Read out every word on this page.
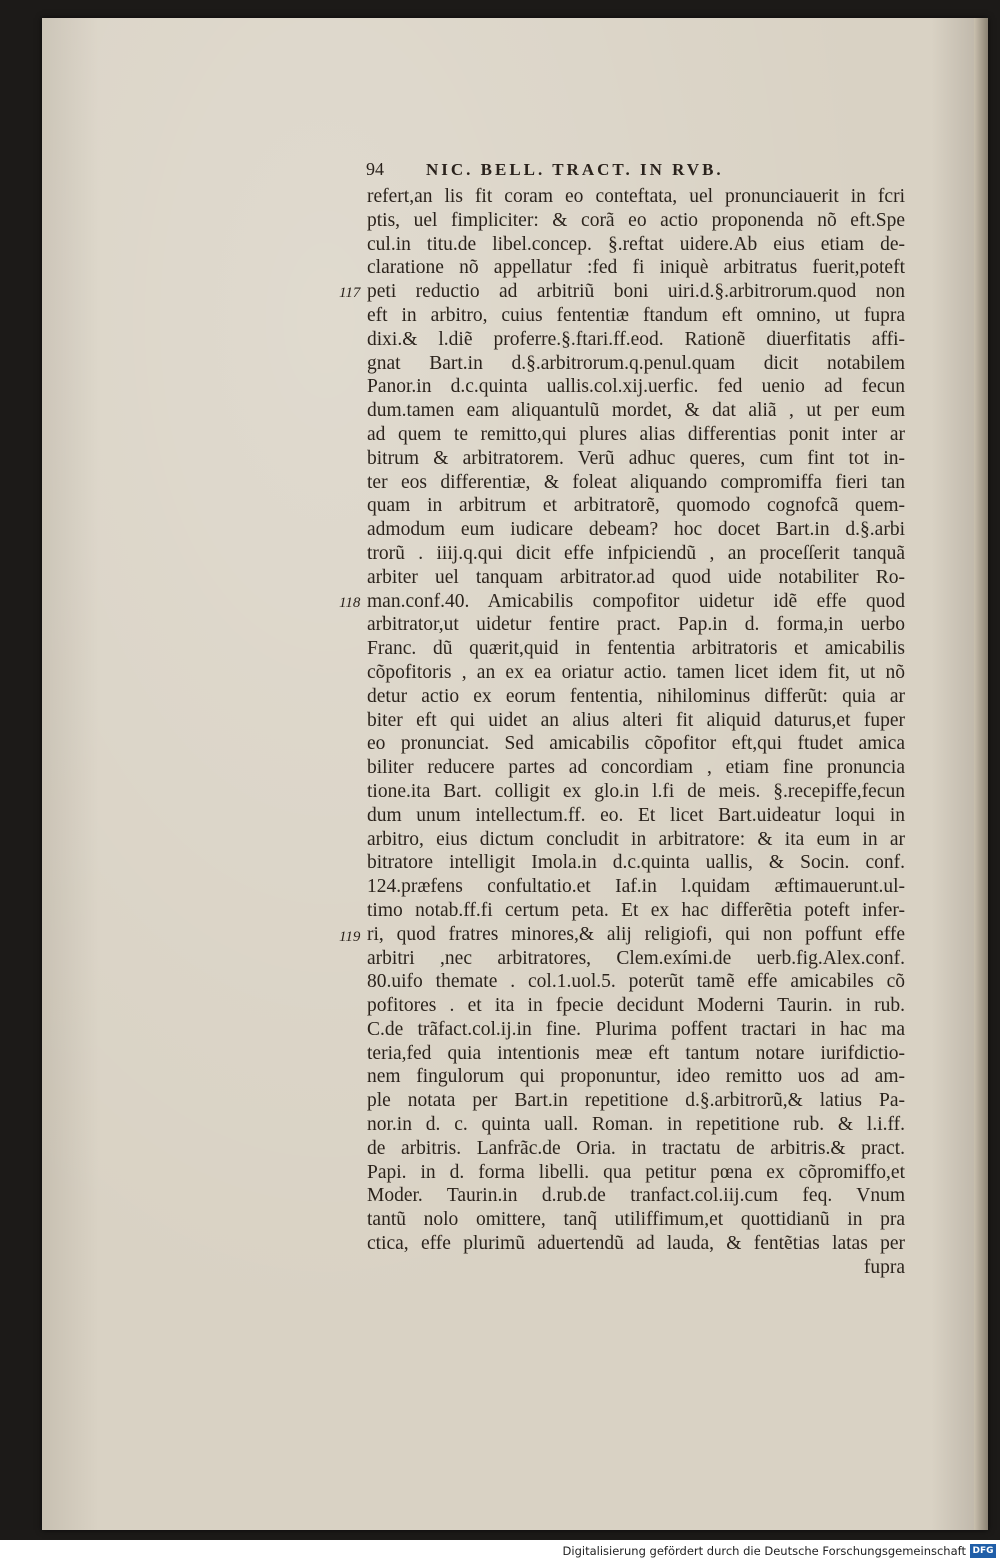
94	NIC. BELL. TRACT. IN RVB.
117
118
119
refert,an lis fit coram eo conteftata, uel pronunciauerit in fcri
ptis, uel fimpliciter: & corã eo actio proponenda nõ eft.Spe
cul.in titu.de libel.concep. §.reftat uidere.Ab eius etiam de-
claratione nõ appellatur :fed fi iniquè arbitratus fuerit,poteft
peti reductio ad arbitriũ boni uiri.d.§.arbitrorum.quod non
eft in arbitro, cuius fententiæ ftandum eft omnino, ut fupra
dixi.& l.diẽ proferre.§.ftari.ff.eod. Rationẽ diuerfitatis affi-
gnat Bart.in d.§.arbitrorum.q.penul.quam dicit notabilem
Panor.in d.c.quinta uallis.col.xij.uerfic. fed uenio ad fecun
dum.tamen eam aliquantulũ mordet, & dat aliã , ut per eum
ad quem te remitto,qui plures alias differentias ponit inter ar
bitrum & arbitratorem. Verũ adhuc queres, cum fint tot in-
ter eos differentiæ, & foleat aliquando compromiffa fieri tan
quam in arbitrum et arbitratorẽ, quomodo cognofcã quem-
admodum eum iudicare debeam? hoc docet Bart.in d.§.arbi
trorũ . iiij.q.qui dicit effe infpiciendũ , an proceſſerit tanquã
arbiter uel tanquam arbitrator.ad quod uide notabiliter Ro-
man.conf.40. Amicabilis compofitor uidetur idẽ effe quod
arbitrator,ut uidetur fentire pract. Pap.in d. forma,in uerbo
Franc. dũ quærit,quid in fententia arbitratoris et amicabilis
cõpofitoris , an ex ea oriatur actio. tamen licet idem fit, ut nõ
detur actio ex eorum fententia, nihilominus differũt: quia ar
biter eft qui uidet an alius alteri fit aliquid daturus,et fuper
eo pronunciat. Sed amicabilis cõpofitor eft,qui ftudet amica
biliter reducere partes ad concordiam , etiam fine pronuncia
tione.ita Bart. colligit ex glo.in l.fi de meis. §.recepiffe,fecun
dum unum intellectum.ff. eo. Et licet Bart.uideatur loqui in
arbitro, eius dictum concludit in arbitratore: & ita eum in ar
bitratore intelligit Imola.in d.c.quinta uallis, & Socin. conf.
124.præfens confultatio.et Iaf.in l.quidam æftimauerunt.ul-
timo notab.ff.fi certum peta. Et ex hac differẽtia poteft infer-
ri, quod fratres minores,& alij religiofi, qui non poffunt effe
arbitri ,nec arbitratores, Clem.exími.de uerb.fig.Alex.conf.
80.uifo themate . col.1.uol.5. poterũt tamẽ effe amicabiles cõ
pofitores . et ita in fpecie decidunt Moderni Taurin. in rub.
C.de trãfact.col.ij.in fine. Plurima poffent tractari in hac ma
teria,fed quia intentionis meæ eft tantum notare iurifdictio-
nem fingulorum qui proponuntur, ideo remitto uos ad am-
ple notata per Bart.in repetitione d.§.arbitrorũ,& latius Pa-
nor.in d. c. quinta uall. Roman. in repetitione rub. & l.i.ff.
de arbitris. Lanfrãc.de Oria. in tractatu de arbitris.& pract.
Papi. in d. forma libelli. qua petitur pœna ex cõpromiffo,et
Moder. Taurin.in d.rub.de tranfact.col.iij.cum feq. Vnum
tantũ nolo omittere, tanq̃ utiliffimum,et quottidianũ in pra
ctica, effe plurimũ aduertendũ ad lauda, & fentẽtias latas per
fupra
Digitalisierung gefördert durch die Deutsche Forschungsgemeinschaft DFG
